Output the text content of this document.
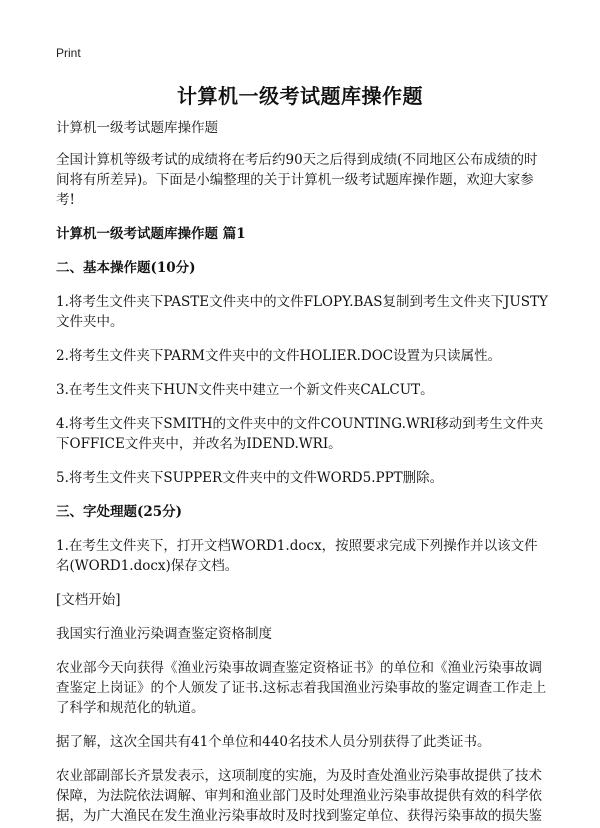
Print
计算机一级考试题库操作题

计算机一级考试题库操作题

全国计算机等级考试的成绩将在考后约90天之后得到成绩(不同地区公布成绩的时间将有所差异)。下面是小编整理的关于计算机一级考试题库操作题，欢迎大家参考!

计算机一级考试题库操作题 篇1

二、基本操作题(10分)

1.将考生文件夹下PASTE文件夹中的文件FLOPY.BAS复制到考生文件夹下JUSTY文件夹中。

2.将考生文件夹下PARM文件夹中的文件HOLIER.DOC设置为只读属性。

3.在考生文件夹下HUN文件夹中建立一个新文件夹CALCUT。

4.将考生文件夹下SMITH的文件夹中的文件COUNTING.WRI移动到考生文件夹下OFFICE文件夹中，并改名为IDEND.WRI。

5.将考生文件夹下SUPPER文件夹中的文件WORD5.PPT删除。

三、字处理题(25分)

1.在考生文件夹下，打开文档WORD1.docx，按照要求完成下列操作并以该文件名(WORD1.docx)保存文档。

[文档开始]

我国实行渔业污染调查鉴定资格制度

农业部今天向获得《渔业污染事故调查鉴定资格证书》的单位和《渔业污染事故调查鉴定上岗证》的个人颁发了证书.这标志着我国渔业污染事故的鉴定调查工作走上了科学和规范化的轨道。

据了解，这次全国共有41个单位和440名技术人员分别获得了此类证书。

农业部副部长齐景发表示，这项制度的实施，为及时查处渔业污染事故提供了技术保障，为法院依法调解、审判和渔业部门及时处理渔业污染事故提供有效的科学依据，为广大渔民在发生渔业污染事故时及时找到鉴定单位、获得污染事故的损失鉴
